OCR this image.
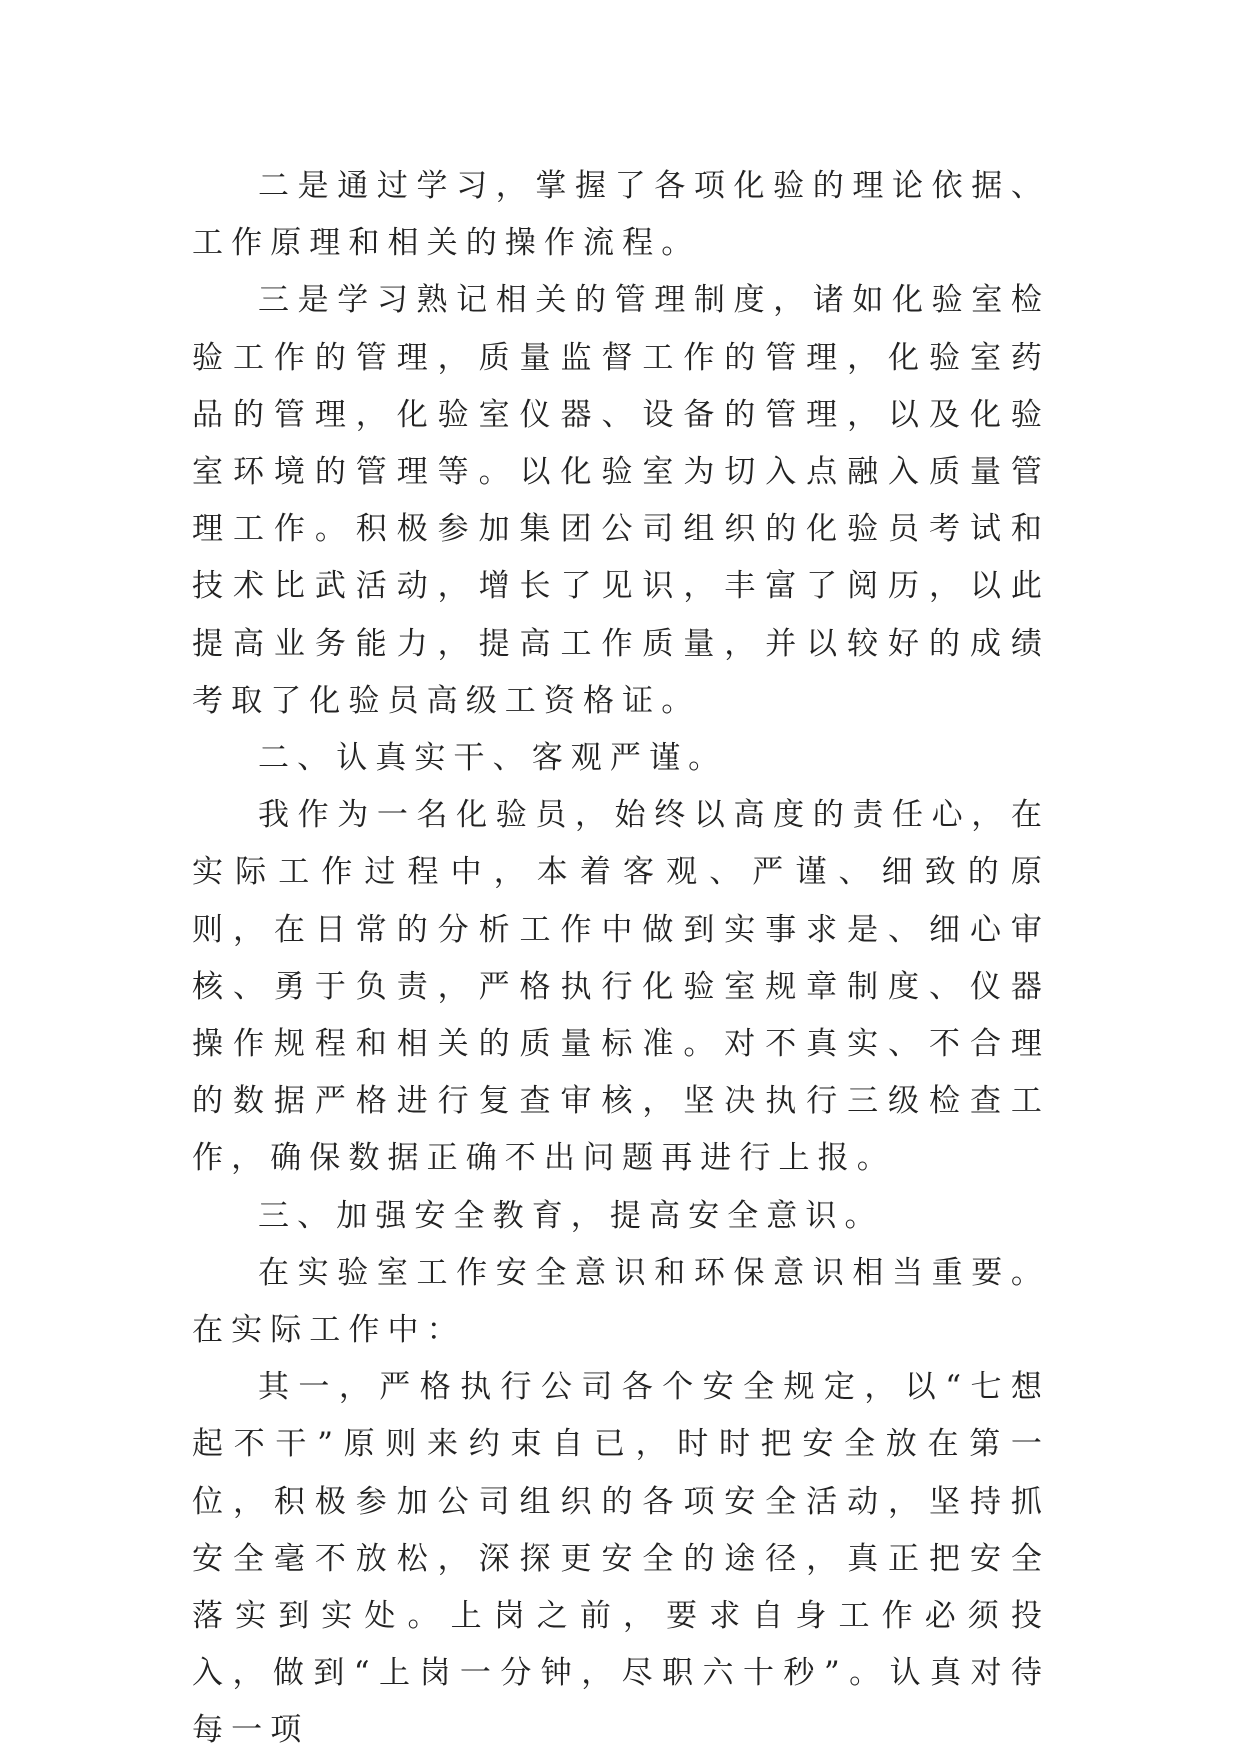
二是通过学习，掌握了各项化验的理论依据、工作原理和相关的操作流程。

三是学习熟记相关的管理制度，诸如化验室检验工作的管理，质量监督工作的管理，化验室药品的管理，化验室仪器、设备的管理，以及化验室环境的管理等。以化验室为切入点融入质量管理工作。积极参加集团公司组织的化验员考试和技术比武活动，增长了见识，丰富了阅历，以此提高业务能力，提高工作质量，并以较好的成绩考取了化验员高级工资格证。

二、认真实干、客观严谨。

我作为一名化验员，始终以高度的责任心，在实际工作过程中，本着客观、严谨、细致的原则，在日常的分析工作中做到实事求是、细心审核、勇于负责，严格执行化验室规章制度、仪器操作规程和相关的质量标准。对不真实、不合理的数据严格进行复查审核，坚决执行三级检查工作，确保数据正确不出问题再进行上报。

三、加强安全教育，提高安全意识。

在实验室工作安全意识和环保意识相当重要。在实际工作中：

其一，严格执行公司各个安全规定，以“七想起不干”原则来约束自已，时时把安全放在第一位，积极参加公司组织的各项安全活动，坚持抓安全毫不放松，深探更安全的途径，真正把安全落实到实处。上岗之前，要求自身工作必须投入，做到“上岗一分钟，尽职六十秒”。认真对待每一项
